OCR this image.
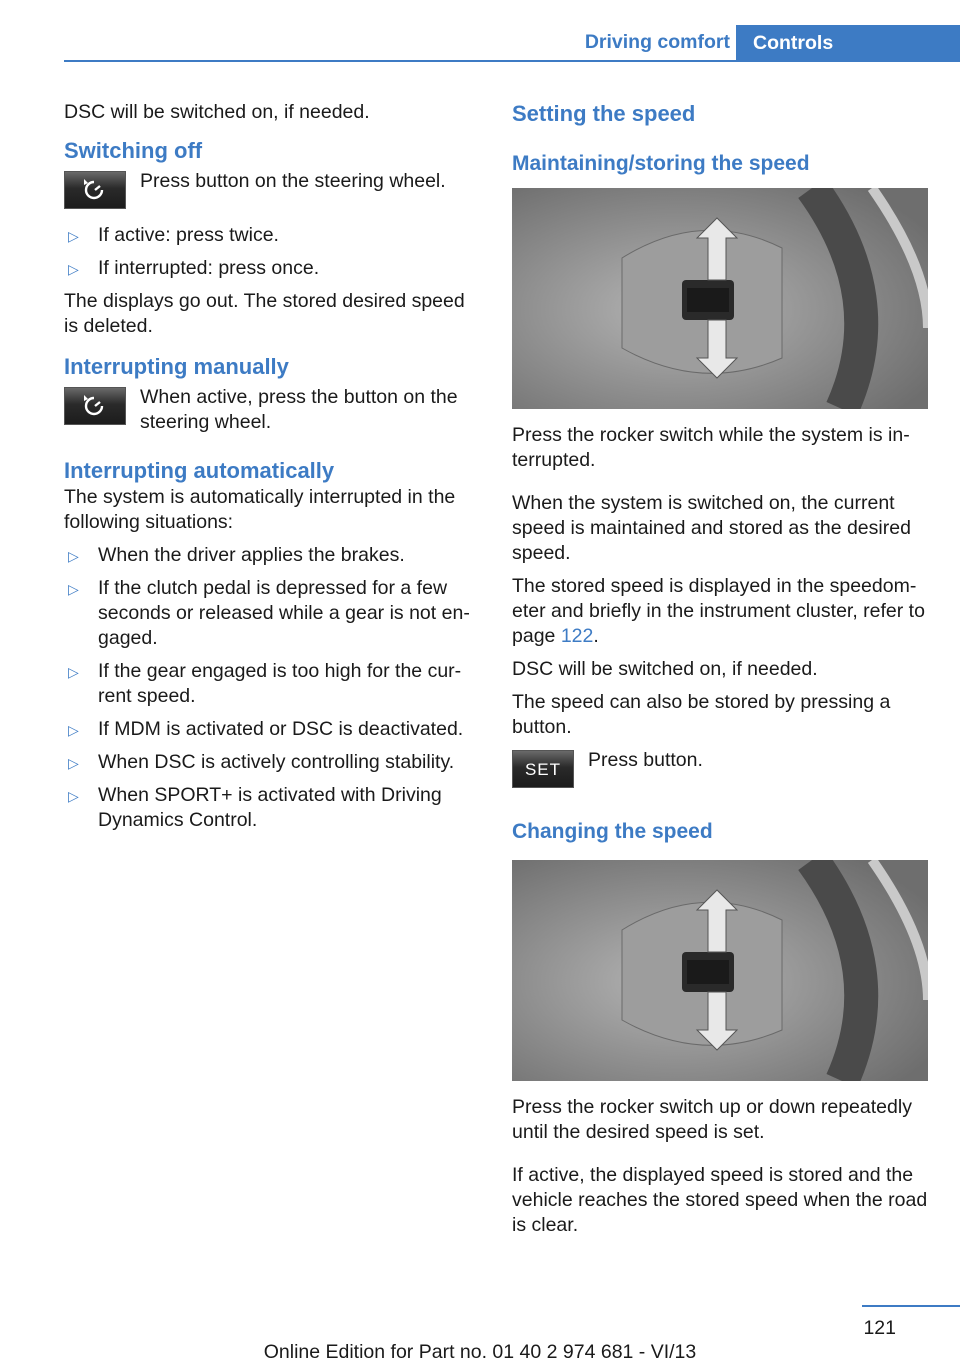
Driving comfort	Controls

DSC will be switched on, if needed.

Switching off
Press button on the steering wheel.
▷ If active: press twice.
▷ If interrupted: press once.

The displays go out. The stored desired speed is deleted.

Interrupting manually
When active, press the button on the steering wheel.
Interrupting automatically

The system is automatically interrupted in the following situations:

▷ When the driver applies the brakes.
▷ If the clutch pedal is depressed for a few seconds or released while a gear is not engaged.
▷ If the gear engaged is too high for the current speed.
▷ If MDM is activated or DSC is deactivated.
▷ When DSC is actively controlling stability.
▷ When SPORT+ is activated with Driving Dynamics Control.
Setting the speed
Maintaining/storing the speed

Press the rocker switch while the system is interrupted.

When the system is switched on, the current speed is maintained and stored as the desired speed.

The stored speed is displayed in the speedometer and briefly in the instrument cluster, refer to page 122.

DSC will be switched on, if needed.

The speed can also be stored by pressing a button.

SET Press button.
Changing the speed

Press the rocker switch up or down repeatedly until the desired speed is set.

If active, the displayed speed is stored and the vehicle reaches the stored speed when the road is clear.

121
Online Edition for Part no. 01 40 2 974 681 - VI/13
